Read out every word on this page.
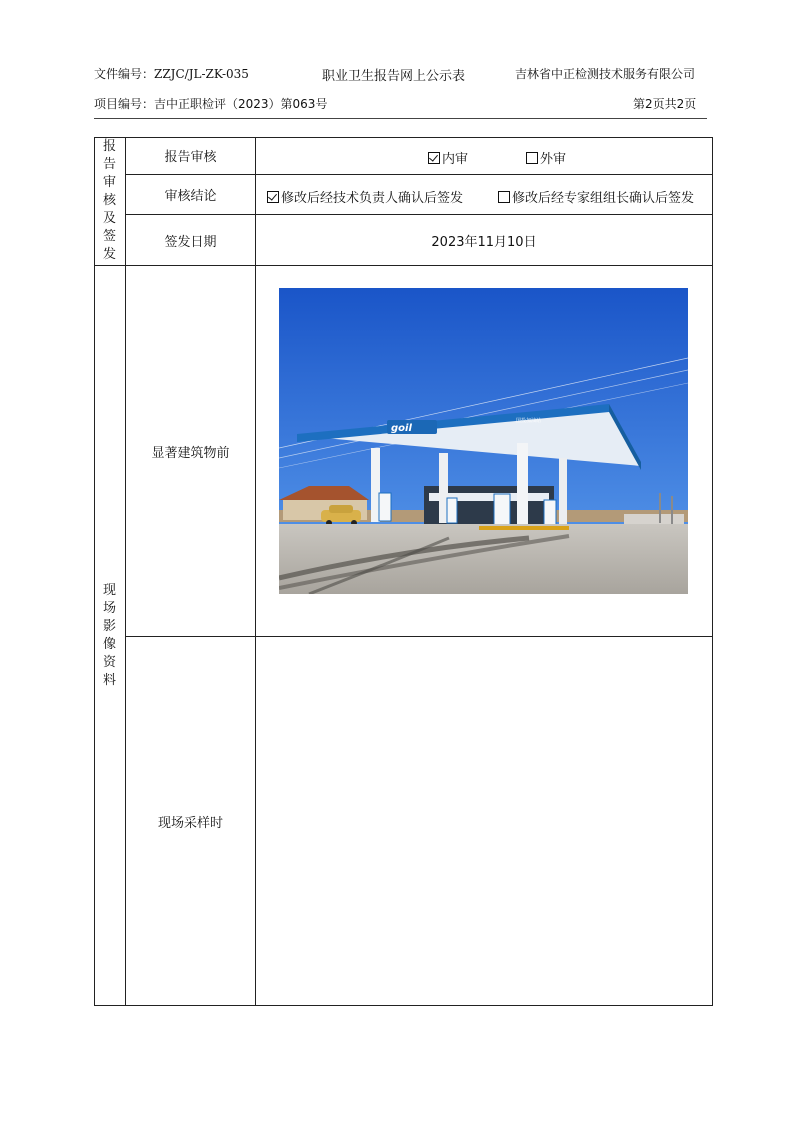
文件编号：ZZJC/JL-ZK-035	职业卫生报告网上公示表	吉林省中正检测技术服务有限公司
项目编号：吉中正职检评（2023）第063号	第2页共2页
报
告
审
核
及
签
发
报告审核	内审	外审
审核结论	修改后经技术负责人确认后签发	修改后经专家组组长确认后签发
签发日期	2023年11月10日
现
场
影
像
资
料
显著建筑物前
现场采样时
goil
国投加油站
